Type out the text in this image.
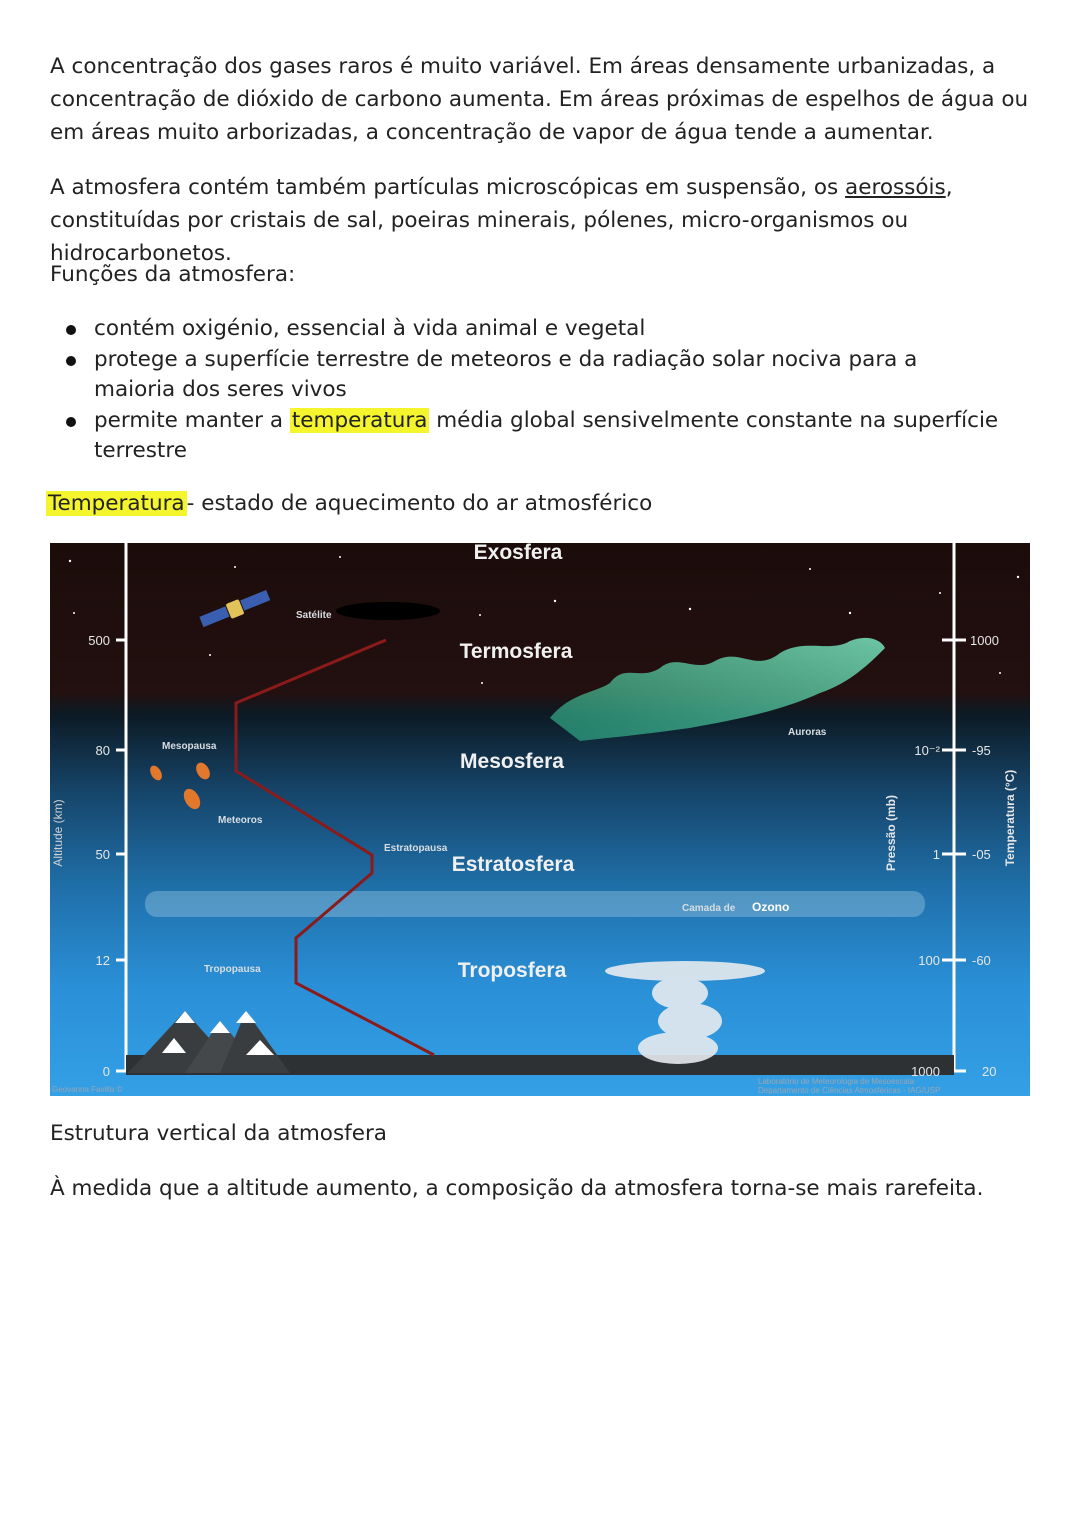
A concentração dos gases raros é muito variável. Em áreas densamente urbanizadas, a concentração de dióxido de carbono aumenta. Em áreas próximas de espelhos de água ou em áreas muito arborizadas, a concentração de vapor de água tende a aumentar.
A atmosfera contém também partículas microscópicas em suspensão, os aerossóis, constituídas por cristais de sal, poeiras minerais, pólenes, micro-organismos ou hidrocarbonetos.
Funções da atmosfera:
contém oxigénio, essencial à vida animal e vegetal
protege a superfície terrestre de meteoros e da radiação solar nociva para a maioria dos seres vivos
permite manter a temperatura média global sensivelmente constante na superfície terrestre
Temperatura- estado de aquecimento do ar atmosférico
Exosfera
Termosfera
Mesosfera
Estratosfera
Troposfera
Satélite
Mesopausa
Meteoros
Estratopausa
Tropopausa
Auroras
Camada de Ozono
500
80
50
12
0
Altitude (km)
10⁻²
1
100
1000
Pressão (mb)
1000
-95
-05
-60
20
Temperatura (°C)
Geovanna Favilla ©
Laboratório de Meteorologia de Mesoescala
Departamento de Ciências Atmosféricas - IAG/USP
Estrutura vertical da atmosfera
À medida que a altitude aumento, a composição da atmosfera torna-se mais rarefeita.
